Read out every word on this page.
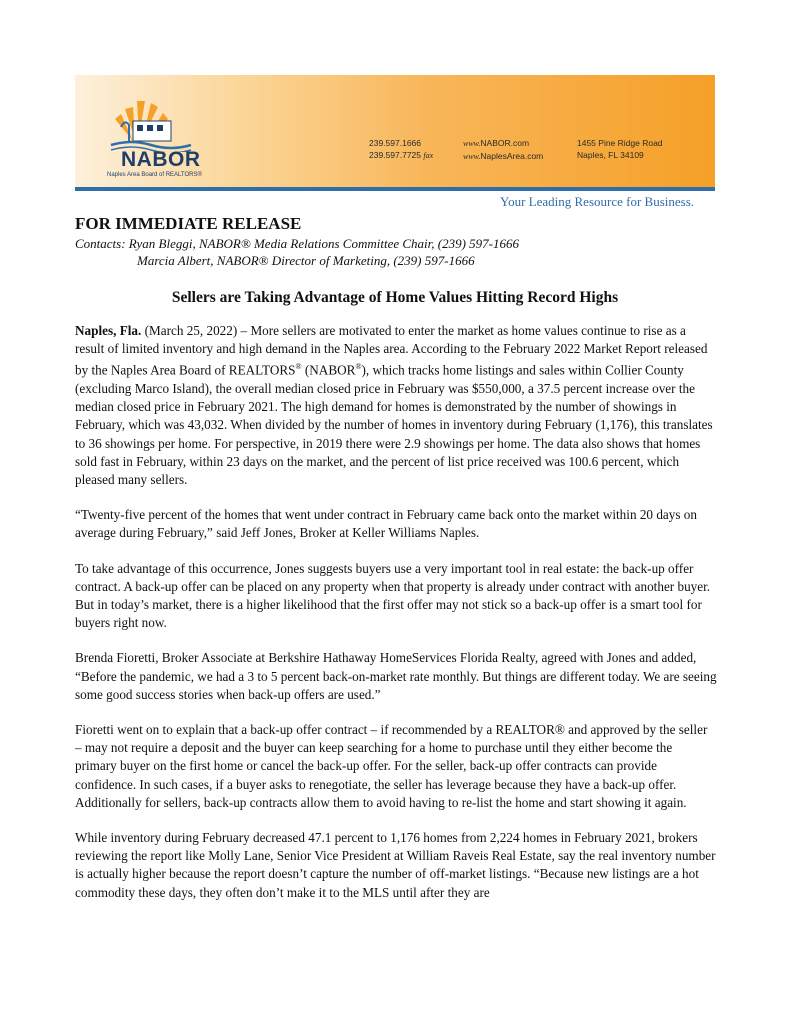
NABOR
Naples Area Board of REALTORS®
239.597.1666
239.597.7725 fax
www.NABOR.com
www.NaplesArea.com
1455 Pine Ridge Road
Naples, FL 34109
Your Leading Resource for Business.
FOR IMMEDIATE RELEASE
Contacts: Ryan Bleggi, NABOR® Media Relations Committee Chair, (239) 597-1666
Marcia Albert, NABOR® Director of Marketing, (239) 597-1666
Sellers are Taking Advantage of Home Values Hitting Record Highs

Naples, Fla. (March 25, 2022) – More sellers are motivated to enter the market as home values continue to rise as a result of limited inventory and high demand in the Naples area. According to the February 2022 Market Report released by the Naples Area Board of REALTORS® (NABOR®), which tracks home listings and sales within Collier County (excluding Marco Island), the overall median closed price in February was $550,000, a 37.5 percent increase over the median closed price in February 2021. The high demand for homes is demonstrated by the number of showings in February, which was 43,032. When divided by the number of homes in inventory during February (1,176), this translates to 36 showings per home. For perspective, in 2019 there were 2.9 showings per home. The data also shows that homes sold fast in February, within 23 days on the market, and the percent of list price received was 100.6 percent, which pleased many sellers.

“Twenty-five percent of the homes that went under contract in February came back onto the market within 20 days on average during February,” said Jeff Jones, Broker at Keller Williams Naples.

To take advantage of this occurrence, Jones suggests buyers use a very important tool in real estate: the back-up offer contract. A back-up offer can be placed on any property when that property is already under contract with another buyer. But in today’s market, there is a higher likelihood that the first offer may not stick so a back-up offer is a smart tool for buyers right now.

Brenda Fioretti, Broker Associate at Berkshire Hathaway HomeServices Florida Realty, agreed with Jones and added, “Before the pandemic, we had a 3 to 5 percent back-on-market rate monthly. But things are different today. We are seeing some good success stories when back-up offers are used.”

Fioretti went on to explain that a back-up offer contract – if recommended by a REALTOR® and approved by the seller – may not require a deposit and the buyer can keep searching for a home to purchase until they either become the primary buyer on the first home or cancel the back-up offer. For the seller, back-up offer contracts can provide confidence. In such cases, if a buyer asks to renegotiate, the seller has leverage because they have a back-up offer. Additionally for sellers, back-up contracts allow them to avoid having to re-list the home and start showing it again.

While inventory during February decreased 47.1 percent to 1,176 homes from 2,224 homes in February 2021, brokers reviewing the report like Molly Lane, Senior Vice President at William Raveis Real Estate, say the real inventory number is actually higher because the report doesn’t capture the number of off-market listings. “Because new listings are a hot commodity these days, they often don’t make it to the MLS until after they are
